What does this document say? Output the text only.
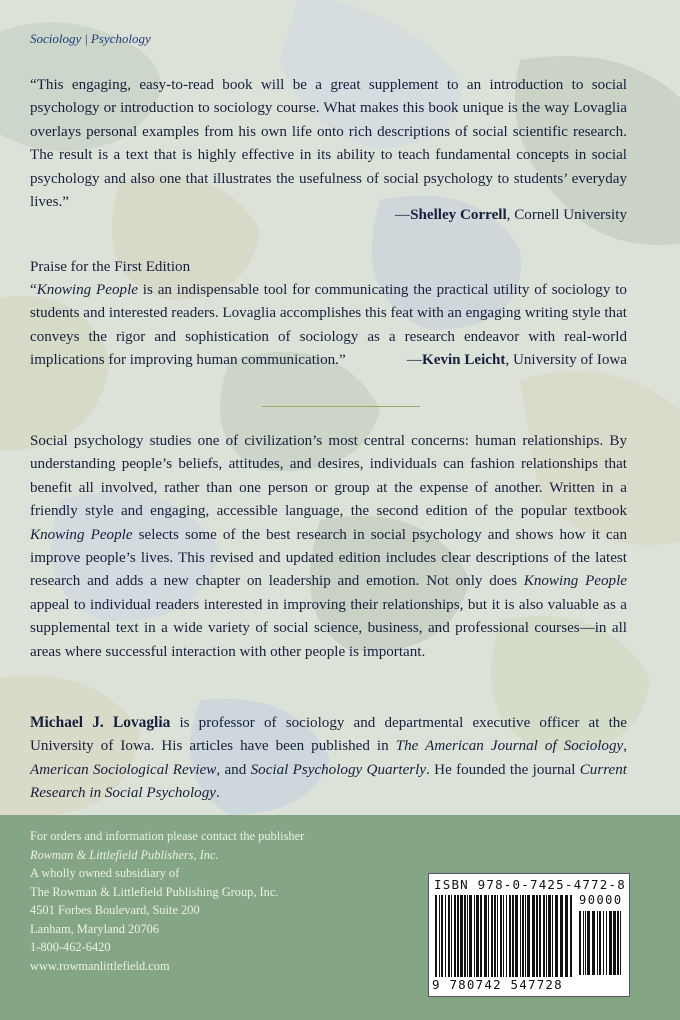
Sociology | Psychology
“This engaging, easy-to-read book will be a great supplement to an introduction to social psychology or introduction to sociology course. What makes this book unique is the way Lovaglia overlays personal examples from his own life onto rich descriptions of social scientific research. The result is a text that is highly effective in its ability to teach fundamental concepts in social psychology and also one that illustrates the usefulness of social psychology to students’ everyday lives.”
—Shelley Correll, Cornell University
Praise for the First Edition
“Knowing People is an indispensable tool for communicating the practical utility of sociology to students and interested readers. Lovaglia accomplishes this feat with an engaging writing style that conveys the rigor and sophistication of sociology as a research endeavor with real-world implications for improving human communication.”	—Kevin Leicht, University of Iowa
Social psychology studies one of civilization’s most central concerns: human relationships. By understanding people’s beliefs, attitudes, and desires, individuals can fashion relationships that benefit all involved, rather than one person or group at the expense of another. Written in a friendly style and engaging, accessible language, the second edition of the popular textbook Knowing People selects some of the best research in social psychology and shows how it can improve people’s lives. This revised and updated edition includes clear descriptions of the latest research and adds a new chapter on leadership and emotion. Not only does Knowing People appeal to individual readers interested in improving their relationships, but it is also valuable as a supplemental text in a wide variety of social science, business, and professional courses—in all areas where successful interaction with other people is important.
Michael J. Lovaglia is professor of sociology and departmental executive officer at the University of Iowa. His articles have been published in The American Journal of Sociology, American Sociological Review, and Social Psychology Quarterly. He founded the journal Current Research in Social Psychology.
For orders and information please contact the publisher
Rowman & Littlefield Publishers, Inc.
A wholly owned subsidiary of
The Rowman & Littlefield Publishing Group, Inc.
4501 Forbes Boulevard, Suite 200
Lanham, Maryland 20706
1-800-462-6420
www.rowmanlittlefield.com
ISBN 978-0-7425-4772-8
90000
9 780742 547728
